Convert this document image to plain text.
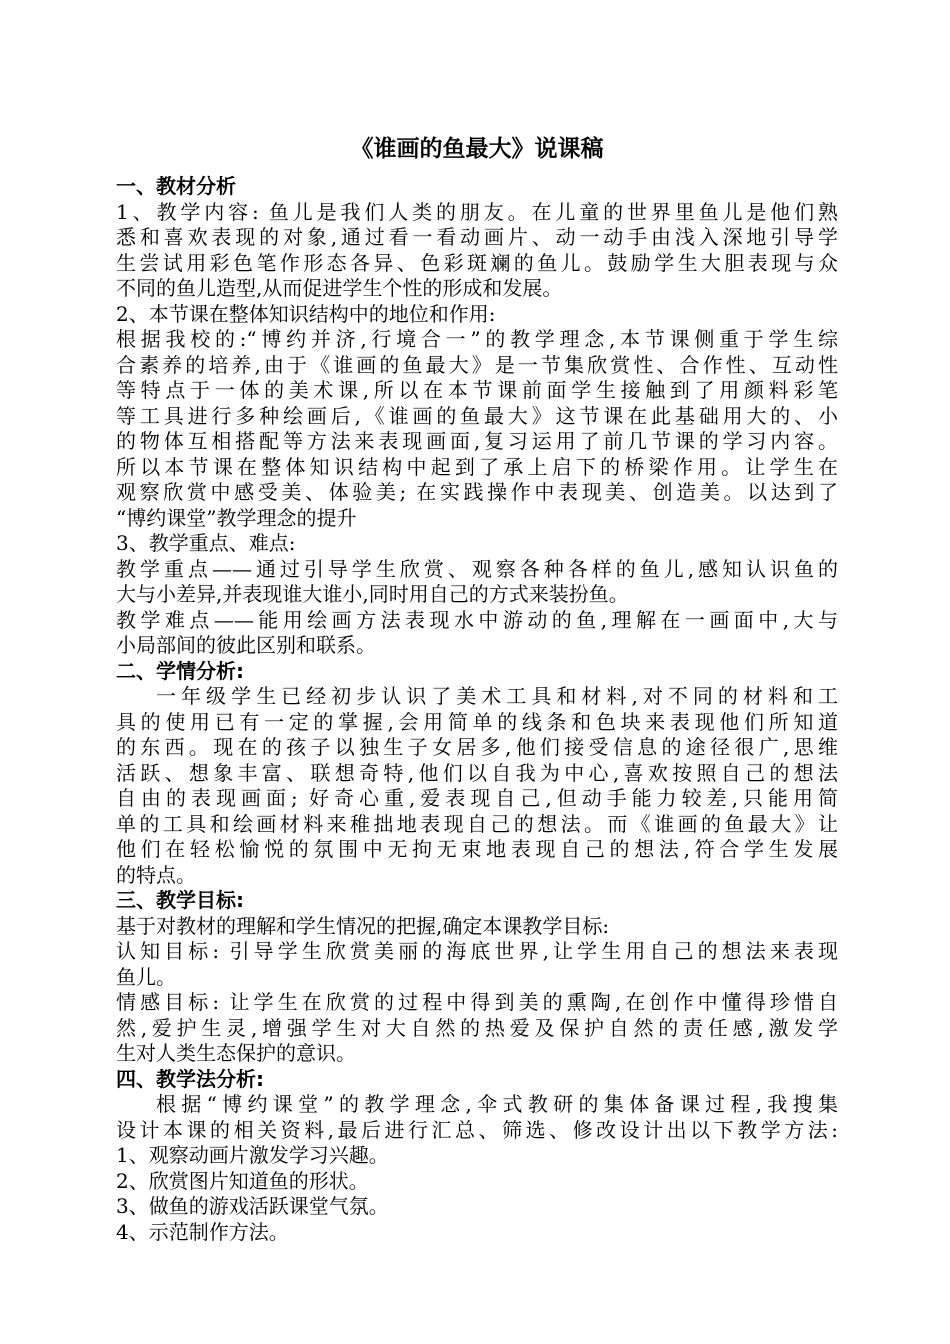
《谁画的鱼最大》说课稿
一、教材分析
1、教学内容: 鱼儿是我们人类的朋友。在儿童的世界里鱼儿是他们熟
悉和喜欢表现的对象,通过看一看动画片、动一动手由浅入深地引导学
生尝试用彩色笔作形态各异、色彩斑斓的鱼儿。鼓励学生大胆表现与众
不同的鱼儿造型,从而促进学生个性的形成和发展。
2、本节课在整体知识结构中的地位和作用:
根据我校的:“博约并济,行境合一”的教学理念,本节课侧重于学生综
合素养的培养,由于《谁画的鱼最大》是一节集欣赏性、合作性、互动性
等特点于一体的美术课,所以在本节课前面学生接触到了用颜料彩笔
等工具进行多种绘画后,《谁画的鱼最大》这节课在此基础用大的、小
的物体互相搭配等方法来表现画面,复习运用了前几节课的学习内容。
所以本节课在整体知识结构中起到了承上启下的桥梁作用。让学生在
观察欣赏中感受美、体验美; 在实践操作中表现美、创造美。以达到了
“博约课堂”教学理念的提升
3、教学重点、难点:
教学重点——通过引导学生欣赏、观察各种各样的鱼儿,感知认识鱼的
大与小差异,并表现谁大谁小,同时用自己的方式来装扮鱼。
教学难点——能用绘画方法表现水中游动的鱼,理解在一画面中,大与
小局部间的彼此区别和联系。
二、学情分析:
一年级学生已经初步认识了美术工具和材料,对不同的材料和工
具的使用已有一定的掌握,会用简单的线条和色块来表现他们所知道
的东西。现在的孩子以独生子女居多,他们接受信息的途径很广,思维
活跃、想象丰富、联想奇特,他们以自我为中心,喜欢按照自己的想法
自由的表现画面; 好奇心重,爱表现自己,但动手能力较差,只能用简
单的工具和绘画材料来稚拙地表现自己的想法。而《谁画的鱼最大》让
他们在轻松愉悦的氛围中无拘无束地表现自己的想法,符合学生发展
的特点。
三、教学目标:
基于对教材的理解和学生情况的把握,确定本课教学目标:
认知目标: 引导学生欣赏美丽的海底世界,让学生用自己的想法来表现
鱼儿。
情感目标: 让学生在欣赏的过程中得到美的熏陶,在创作中懂得珍惜自
然,爱护生灵,增强学生对大自然的热爱及保护自然的责任感,激发学
生对人类生态保护的意识。
四、教学法分析:
根据“博约课堂”的教学理念,伞式教研的集体备课过程,我搜集
设计本课的相关资料,最后进行汇总、筛选、修改设计出以下教学方法:
1、观察动画片激发学习兴趣。
2、欣赏图片知道鱼的形状。
3、做鱼的游戏活跃课堂气氛。
4、示范制作方法。
